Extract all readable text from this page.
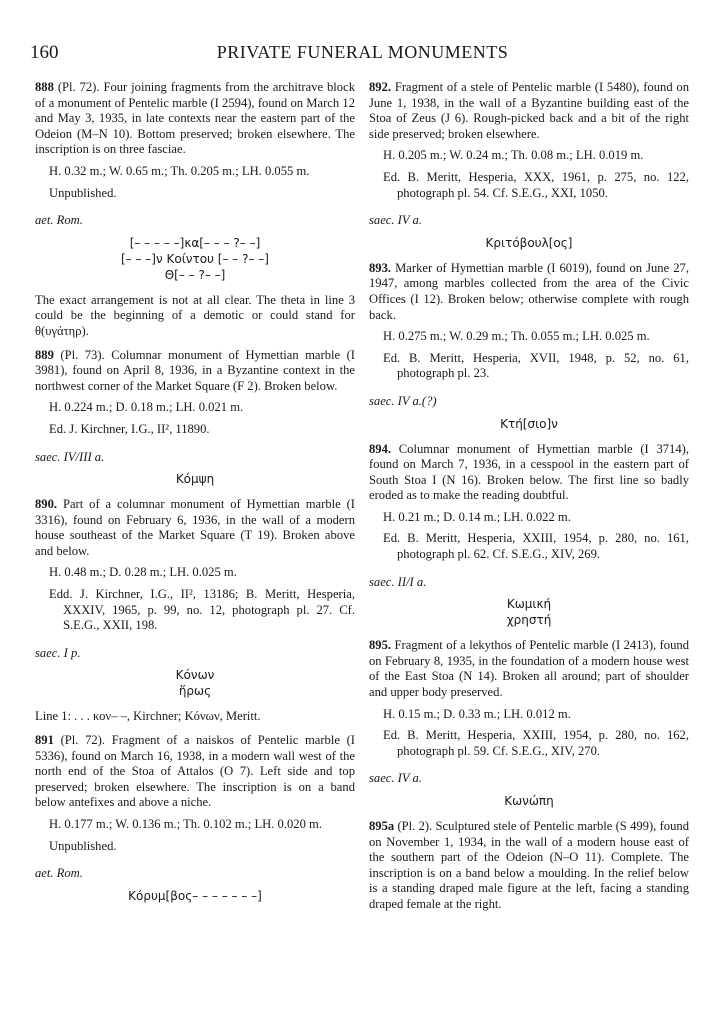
160	PRIVATE FUNERAL MONUMENTS

888 (Pl. 72). Four joining fragments from the architrave block of a monument of Pentelic marble (I 2594), found on March 12 and May 3, 1935, in late contexts near the eastern part of the Odeion (M–N 10). Bottom preserved; broken elsewhere. The inscription is on three fasciae.

H. 0.32 m.; W. 0.65 m.; Th. 0.205 m.; LH. 0.055 m.

Unpublished.

aet. Rom.
[– – – – –]κα[– – – ?– –]
[– – –]ν Κοίντου [– – ?– –]
Θ[– – ?– –]

The exact arrangement is not at all clear. The theta in line 3 could be the beginning of a demotic or could stand for θ(υγάτηρ).

889 (Pl. 73). Columnar monument of Hymettian marble (I 3981), found on April 8, 1936, in a Byzantine context in the northwest corner of the Market Square (F 2). Broken below.

H. 0.224 m.; D. 0.18 m.; LH. 0.021 m.

Ed. J. Kirchner, I.G., II², 11890.

saec. IV/III a.
Κόμψη

890. Part of a columnar monument of Hymettian marble (I 3316), found on February 6, 1936, in the wall of a modern house southeast of the Market Square (T 19). Broken above and below.

H. 0.48 m.; D. 0.28 m.; LH. 0.025 m.

Edd. J. Kirchner, I.G., II², 13186; B. Meritt, Hesperia, XXXIV, 1965, p. 99, no. 12, photograph pl. 27. Cf. S.E.G., XXII, 198.

saec. I p.
Κόνων
ἥρως

Line 1: . . . κον– –, Kirchner; Κόνων, Meritt.

891 (Pl. 72). Fragment of a naiskos of Pentelic marble (I 5336), found on March 16, 1938, in a modern wall west of the north end of the Stoa of Attalos (O 7). Left side and top preserved; broken elsewhere. The inscription is on a band below antefixes and above a niche.

H. 0.177 m.; W. 0.136 m.; Th. 0.102 m.; LH. 0.020 m.

Unpublished.

aet. Rom.
Κόρυμ[βος– – – – – – –]

892. Fragment of a stele of Pentelic marble (I 5480), found on June 1, 1938, in the wall of a Byzantine building east of the Stoa of Zeus (J 6). Rough-picked back and a bit of the right side preserved; broken elsewhere.

H. 0.205 m.; W. 0.24 m.; Th. 0.08 m.; LH. 0.019 m.

Ed. B. Meritt, Hesperia, XXX, 1961, p. 275, no. 122, photograph pl. 54. Cf. S.E.G., XXI, 1050.

saec. IV a.
Κριτόβουλ[ος]

893. Marker of Hymettian marble (I 6019), found on June 27, 1947, among marbles collected from the area of the Civic Offices (I 12). Broken below; otherwise complete with rough back.

H. 0.275 m.; W. 0.29 m.; Th. 0.055 m.; LH. 0.025 m.

Ed. B. Meritt, Hesperia, XVII, 1948, p. 52, no. 61, photograph pl. 23.

saec. IV a.(?)
Κτή[σιο]ν

894. Columnar monument of Hymettian marble (I 3714), found on March 7, 1936, in a cesspool in the eastern part of South Stoa I (N 16). Broken below. The first line so badly eroded as to make the reading doubtful.

H. 0.21 m.; D. 0.14 m.; LH. 0.022 m.

Ed. B. Meritt, Hesperia, XXIII, 1954, p. 280, no. 161, photograph pl. 62. Cf. S.E.G., XIV, 269.

saec. II/I a.
Κωμική
χρηστή

895. Fragment of a lekythos of Pentelic marble (I 2413), found on February 8, 1935, in the foundation of a modern house west of the East Stoa (N 14). Broken all around; part of shoulder and upper body preserved.

H. 0.15 m.; D. 0.33 m.; LH. 0.012 m.

Ed. B. Meritt, Hesperia, XXIII, 1954, p. 280, no. 162, photograph pl. 59. Cf. S.E.G., XIV, 270.

saec. IV a.
Κωνώπη

895a (Pl. 2). Sculptured stele of Pentelic marble (S 499), found on November 1, 1934, in the wall of a modern house east of the southern part of the Odeion (N–O 11). Complete. The inscription is on a band below a moulding. In the relief below is a standing draped male figure at the left, facing a standing draped female at the right.
